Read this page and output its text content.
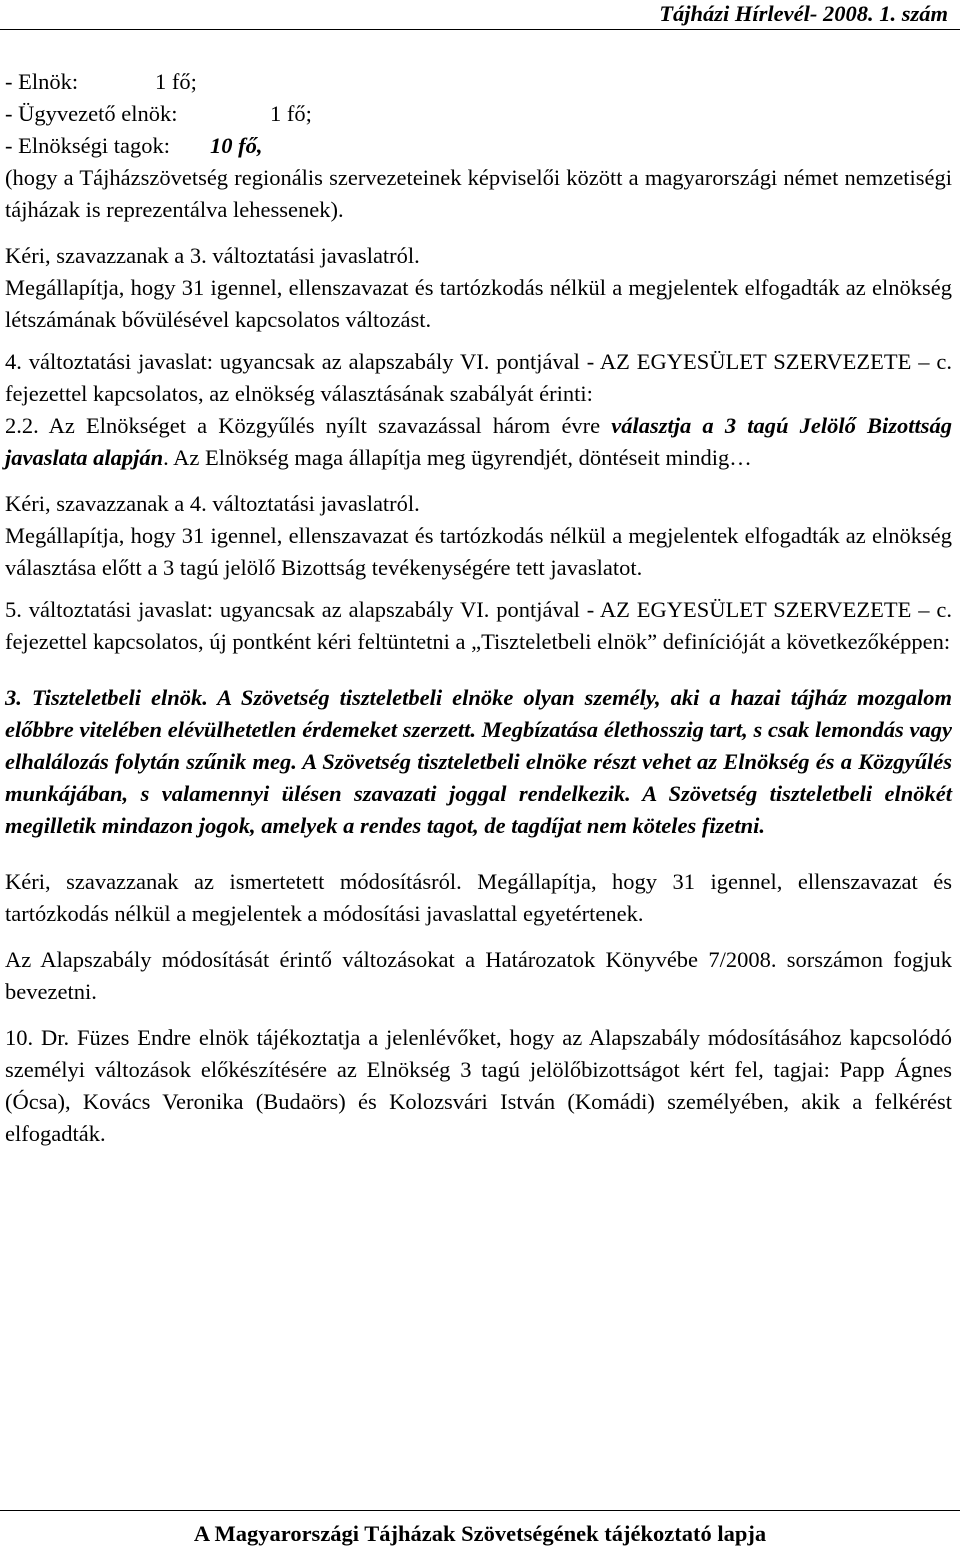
Tájházi Hírlevél- 2008. 1. szám
- Elnök:	1 fő;
- Ügyvezető elnök:	1 fő;
- Elnökségi tagok:	10 fő,

(hogy a Tájházszövetség regionális szervezeteinek képviselői között a magyarországi német nemzetiségi tájházak is reprezentálva lehessenek).

Kéri, szavazzanak a 3. változtatási javaslatról.

Megállapítja, hogy 31 igennel, ellenszavazat és tartózkodás nélkül a megjelentek elfogadták az elnökség létszámának bővülésével kapcsolatos változást.

4. változtatási javaslat: ugyancsak az alapszabály VI. pontjával - AZ EGYESÜLET SZERVEZETE – c. fejezettel kapcsolatos, az elnökség választásának szabályát érinti:

2.2. Az Elnökséget a Közgyűlés nyílt szavazással három évre választja a 3 tagú Jelölő Bizottság javaslata alapján. Az Elnökség maga állapítja meg ügyrendjét, döntéseit mindig…

Kéri, szavazzanak a 4. változtatási javaslatról.

Megállapítja, hogy 31 igennel, ellenszavazat és tartózkodás nélkül a megjelentek elfogadták az elnökség választása előtt a 3 tagú jelölő Bizottság tevékenységére tett javaslatot.

5. változtatási javaslat: ugyancsak az alapszabály VI. pontjával - AZ EGYESÜLET SZERVEZETE – c. fejezettel kapcsolatos, új pontként kéri feltüntetni a „Tiszteletbeli elnök” definícióját a következőképpen:

3. Tiszteletbeli elnök. A Szövetség tiszteletbeli elnöke olyan személy, aki a hazai tájház mozgalom előbbre vitelében elévülhetetlen érdemeket szerzett. Megbízatása élethosszig tart, s csak lemondás vagy elhalálozás folytán szűnik meg. A Szövetség tiszteletbeli elnöke részt vehet az Elnökség és a Közgyűlés munkájában, s valamennyi ülésen szavazati joggal rendelkezik. A Szövetség tiszteletbeli elnökét megilletik mindazon jogok, amelyek a rendes tagot, de tagdíjat nem köteles fizetni.

Kéri, szavazzanak az ismertetett módosításról. Megállapítja, hogy 31 igennel, ellenszavazat és tartózkodás nélkül a megjelentek a módosítási javaslattal egyetértenek.

Az Alapszabály módosítását érintő változásokat a Határozatok Könyvébe 7/2008. sorszámon fogjuk bevezetni.

10. Dr. Füzes Endre elnök tájékoztatja a jelenlévőket, hogy az Alapszabály módosításához kapcsolódó személyi változások előkészítésére az Elnökség 3 tagú jelölőbizottságot kért fel, tagjai: Papp Ágnes (Ócsa), Kovács Veronika (Budaörs) és Kolozsvári István (Komádi) személyében, akik a felkérést elfogadták.

A Magyarországi Tájházak Szövetségének tájékoztató lapja
